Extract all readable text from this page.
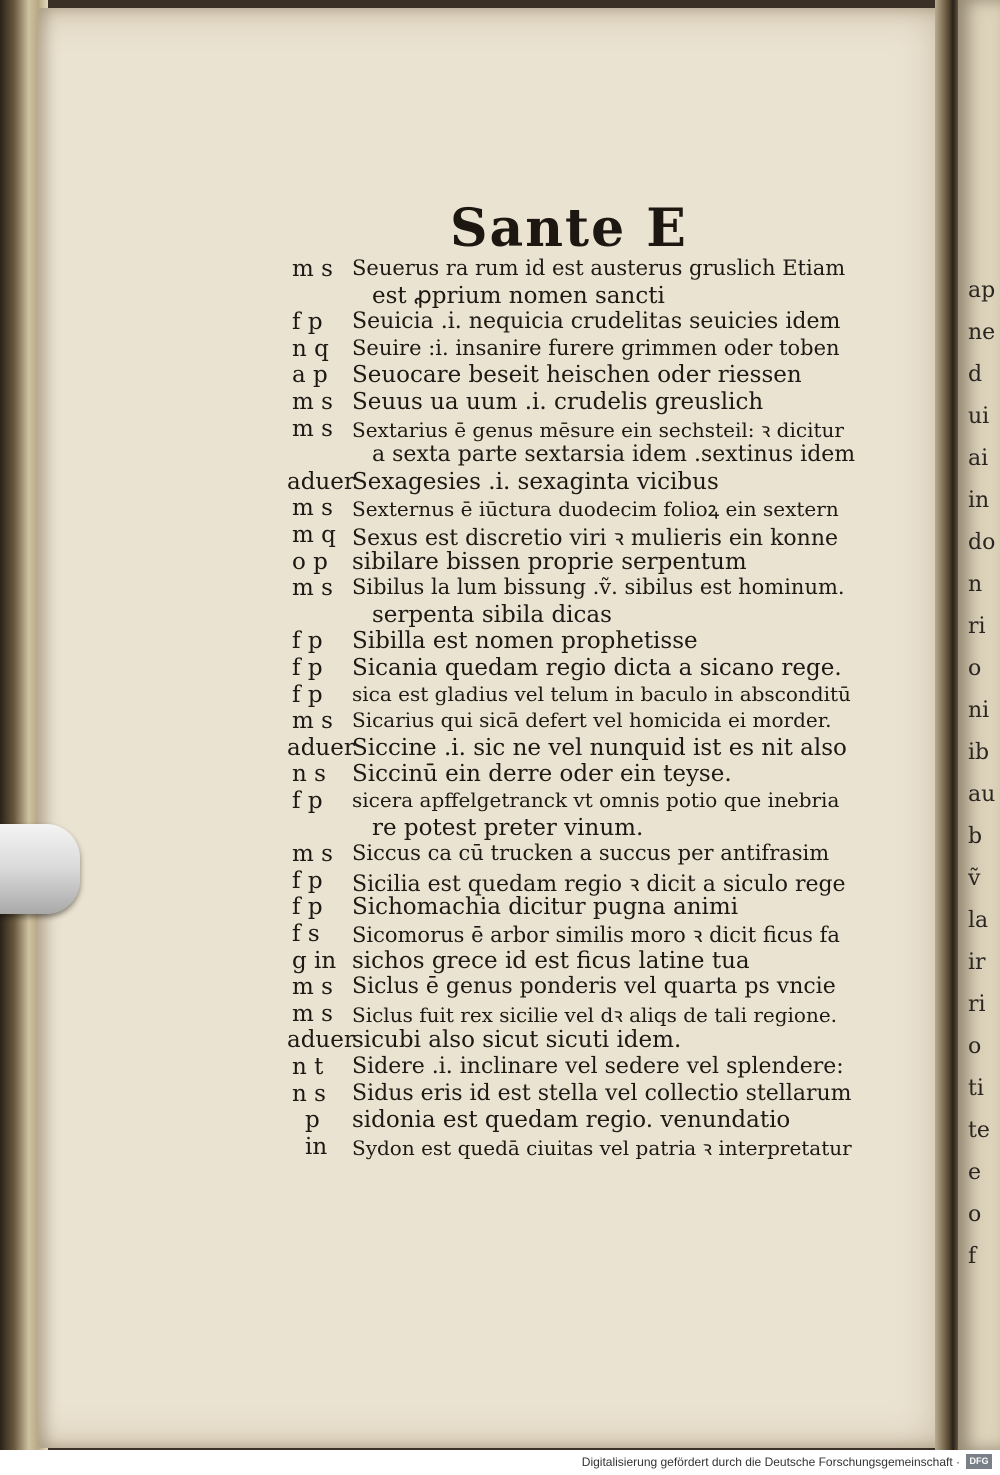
ap
ne
d
ui
ai
in
do
n
ri
o
ni
ib
au
b
ṽ
la
ir
ri
o
ti
te
e
o
f
Sante E
m s Seuerus ra rum id est austerus gruslich Etiam
est ꝓprium nomen sancti
f p Seuicia .i. nequicia crudelitas seuicies idem
n q Seuire :i. insanire furere grimmen oder toben
a p Seuocare beseit heischen oder riessen
m s Seuus ua uum .i. crudelis greuslich
m s Sextarius ē genus mēsure ein sechsteil: ꝛ dicitur
a sexta parte sextarsia idem .sextinus idem
aduer
Sexagesies .i. sexaginta vicibus
m s Sexternus ē iūctura duodecim folioꝝ ein sextern
m q Sexus est discretio viri ꝛ mulieris ein konne
o p sibilare bissen proprie serpentum
m s Sibilus la lum bissung .ṽ. sibilus est hominum.
serpenta sibila dicas
f p Sibilla est nomen prophetisse
f p Sicania quedam regio dicta a sicano rege.
f p sica est gladius vel telum in baculo in absconditū
m s Sicarius qui sicā defert vel homicida ei morder.
aduer
Siccine .i. sic ne vel nunquid ist es nit also
n s Siccinū ein derre oder ein teyse.
f p sicera apffelgetranck vt omnis potio que inebria
re potest preter vinum.
m s Siccus ca cū trucken a succus per antifrasim
f p Sicilia est quedam regio ꝛ dicit a siculo rege
f p Sichomachia dicitur pugna animi
f s Sicomorus ē arbor similis moro ꝛ dicit ficus fa
g in sichos grece id est ficus latine tua
m s Siclus ē genus ponderis vel quarta ps vncie
m s Siclus fuit rex sicilie vel dꝛ aliqs de tali regione.
aduer
sicubi also sicut sicuti idem.
n t Sidere .i. inclinare vel sedere vel splendere:
n s Sidus eris id est stella vel collectio stellarum
p sidonia est quedam regio. venundatio
in Sydon est quedā ciuitas vel patria ꝛ interpretatur
Digitalisierung gefördert durch die Deutsche Forschungsgemeinschaft ·	DFG
